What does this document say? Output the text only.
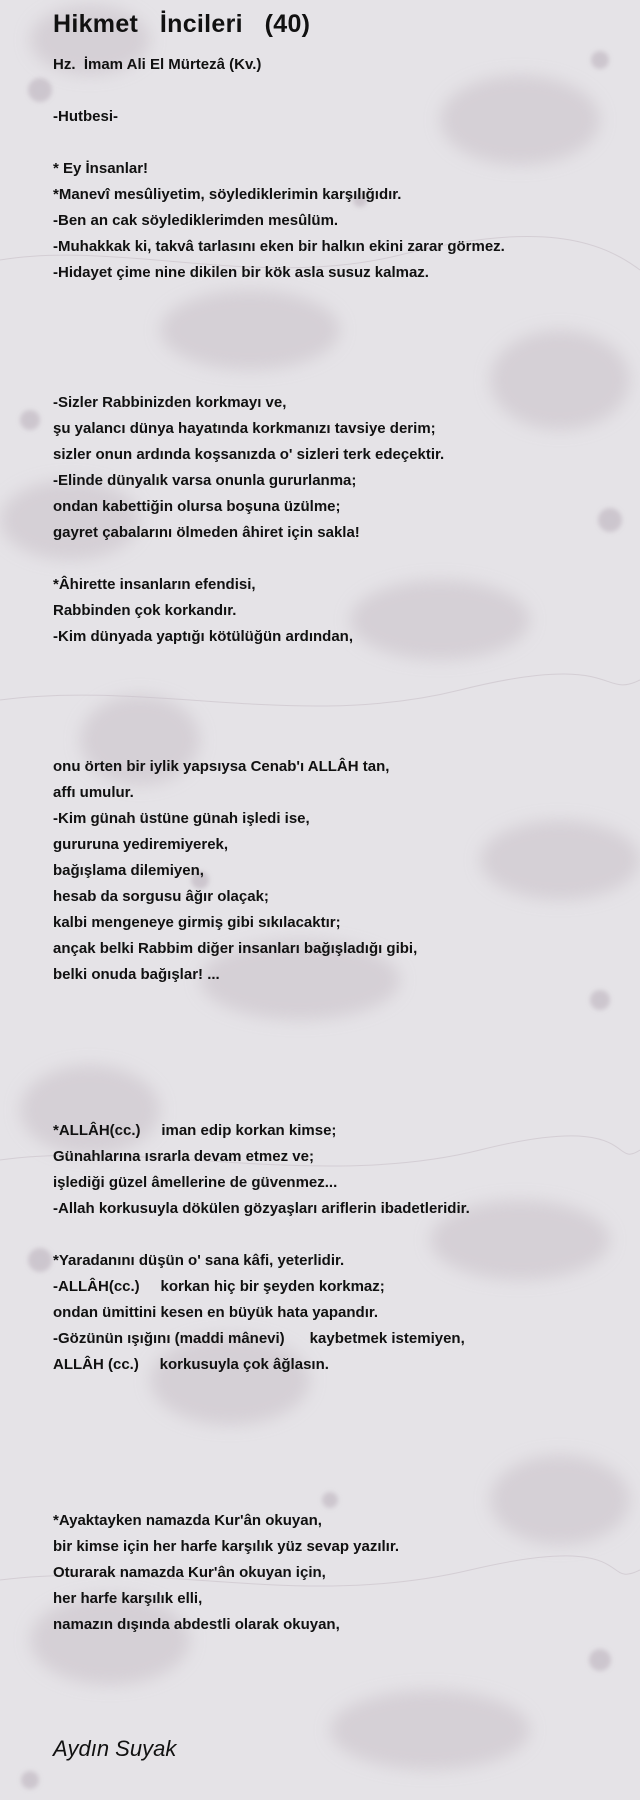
Hikmet   İncileri   (40)
Hz.  İmam Ali El Mürtezâ (Kv.)
-Hutbesi-
* Ey İnsanlar!
*Manevî mesûliyetim, söylediklerimin karşılığıdır.
-Ben an cak söylediklerimden mesûlüm.
-Muhakkak ki, takvâ tarlasını eken bir halkın ekini zarar görmez.
-Hidayet çime nine dikilen bir kök asla susuz kalmaz.
-Sizler Rabbinizden korkmayı ve,
şu yalancı dünya hayatında korkmanızı tavsiye derim;
sizler onun ardında koşsanızda o' sizleri terk edeçektir.
-Elinde dünyalık varsa onunla gururlanma;
ondan kabettiğin olursa boşuna üzülme;
gayret çabalarını ölmeden âhiret için sakla!
*Âhirette insanların efendisi,
Rabbinden çok korkandır.
-Kim dünyada yaptığı kötülüğün ardından,
onu örten bir iylik yapsıysa Cenab'ı ALLÂH tan,
affı umulur.
-Kim günah üstüne günah işledi ise,
gururuna yediremiyerek,
bağışlama dilemiyen,
hesab da sorgusu âğır olaçak;
kalbi mengeneye girmiş gibi sıkılacaktır;
ançak belki Rabbim diğer insanları bağışladığı gibi,
belki onuda bağışlar! ...
*ALLÂH(cc.)     iman edip korkan kimse;
Günahlarına ısrarla devam etmez ve;
işlediği güzel âmellerine de güvenmez...
-Allah korkusuyla dökülen gözyaşları ariflerin ibadetleridir.
*Yaradanını düşün o' sana kâfi, yeterlidir.
-ALLÂH(cc.)     korkan hiç bir şeyden korkmaz;
ondan ümittini kesen en büyük hata yapandır.
-Gözünün ışığını (maddi mânevi)      kaybetmek istemiyen,
ALLÂH (cc.)     korkusuyla çok âğlasın.
*Ayaktayken namazda Kur'ân okuyan,
bir kimse için her harfe karşılık yüz sevap yazılır.
Oturarak namazda Kur'ân okuyan için,
her harfe karşılık elli,
namazın dışında abdestli olarak okuyan,
Aydın Suyak
